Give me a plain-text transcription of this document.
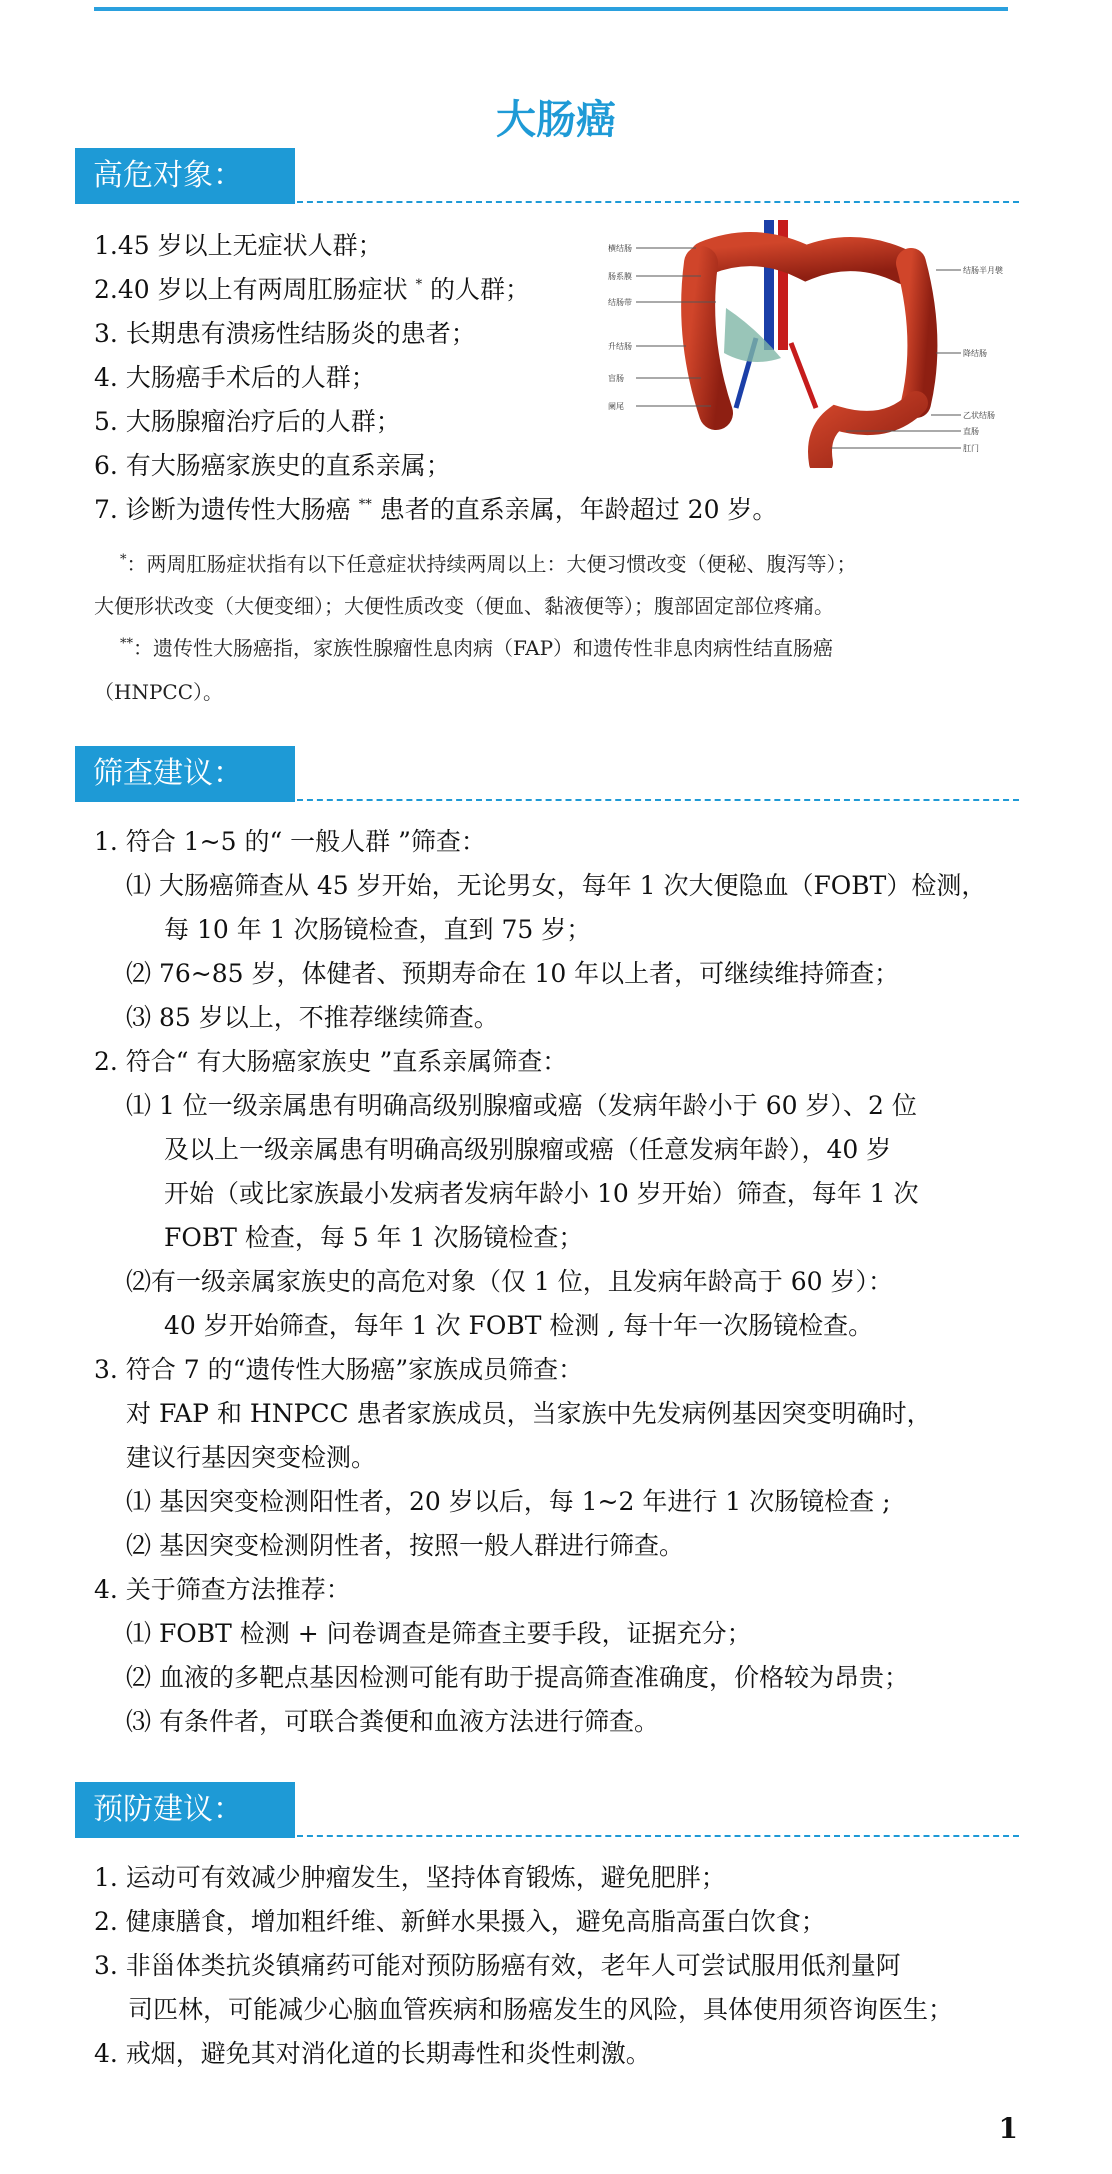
大肠癌
高危对象：
1.45 岁以上无症状人群；
2.40 岁以上有两周肛肠症状 * 的人群；
3. 长期患有溃疡性结肠炎的患者；
4. 大肠癌手术后的人群；
5. 大肠腺瘤治疗后的人群；
6. 有大肠癌家族史的直系亲属；
7. 诊断为遗传性大肠癌 ** 患者的直系亲属，年龄超过 20 岁。
*：两周肛肠症状指有以下任意症状持续两周以上：大便习惯改变（便秘、腹泻等）；
大便形状改变（大便变细）；大便性质改变（便血、黏液便等）；腹部固定部位疼痛。
**：遗传性大肠癌指，家族性腺瘤性息肉病（FAP）和遗传性非息肉病性结直肠癌
（HNPCC）。
横结肠
肠系膜
结肠带
升结肠
盲肠
阑尾
结肠半月襞
降结肠
乙状结肠
直肠
肛门
筛查建议：
1. 符合 1~5 的“ 一般人群 ”筛查：
⑴ 大肠癌筛查从 45 岁开始，无论男女，每年 1 次大便隐血（FOBT）检测，
每 10 年 1 次肠镜检查，直到 75 岁；
⑵ 76~85 岁，体健者、预期寿命在 10 年以上者，可继续维持筛查；
⑶ 85 岁以上，不推荐继续筛查。
2. 符合“ 有大肠癌家族史 ”直系亲属筛查：
⑴ 1 位一级亲属患有明确高级别腺瘤或癌（发病年龄小于 60 岁）、2 位
及以上一级亲属患有明确高级别腺瘤或癌（任意发病年龄），40 岁
开始（或比家族最小发病者发病年龄小 10 岁开始）筛查，每年 1 次
FOBT 检查，每 5 年 1 次肠镜检查；
⑵有一级亲属家族史的高危对象（仅 1 位，且发病年龄高于 60 岁）：
40 岁开始筛查，每年 1 次 FOBT 检测 , 每十年一次肠镜检查。
3. 符合 7 的“遗传性大肠癌”家族成员筛查：
对 FAP 和 HNPCC 患者家族成员，当家族中先发病例基因突变明确时，
建议行基因突变检测。
⑴ 基因突变检测阳性者，20 岁以后，每 1~2 年进行 1 次肠镜检查 ;
⑵ 基因突变检测阴性者，按照一般人群进行筛查。
4. 关于筛查方法推荐：
⑴ FOBT 检测 + 问卷调查是筛查主要手段，证据充分；
⑵ 血液的多靶点基因检测可能有助于提高筛查准确度，价格较为昂贵；
⑶ 有条件者，可联合粪便和血液方法进行筛查。
预防建议：
1. 运动可有效减少肿瘤发生，坚持体育锻炼，避免肥胖；
2. 健康膳食，增加粗纤维、新鲜水果摄入，避免高脂高蛋白饮食；
3. 非甾体类抗炎镇痛药可能对预防肠癌有效，老年人可尝试服用低剂量阿
司匹林，可能减少心脑血管疾病和肠癌发生的风险，具体使用须咨询医生；
4. 戒烟，避免其对消化道的长期毒性和炎性刺激。
1
